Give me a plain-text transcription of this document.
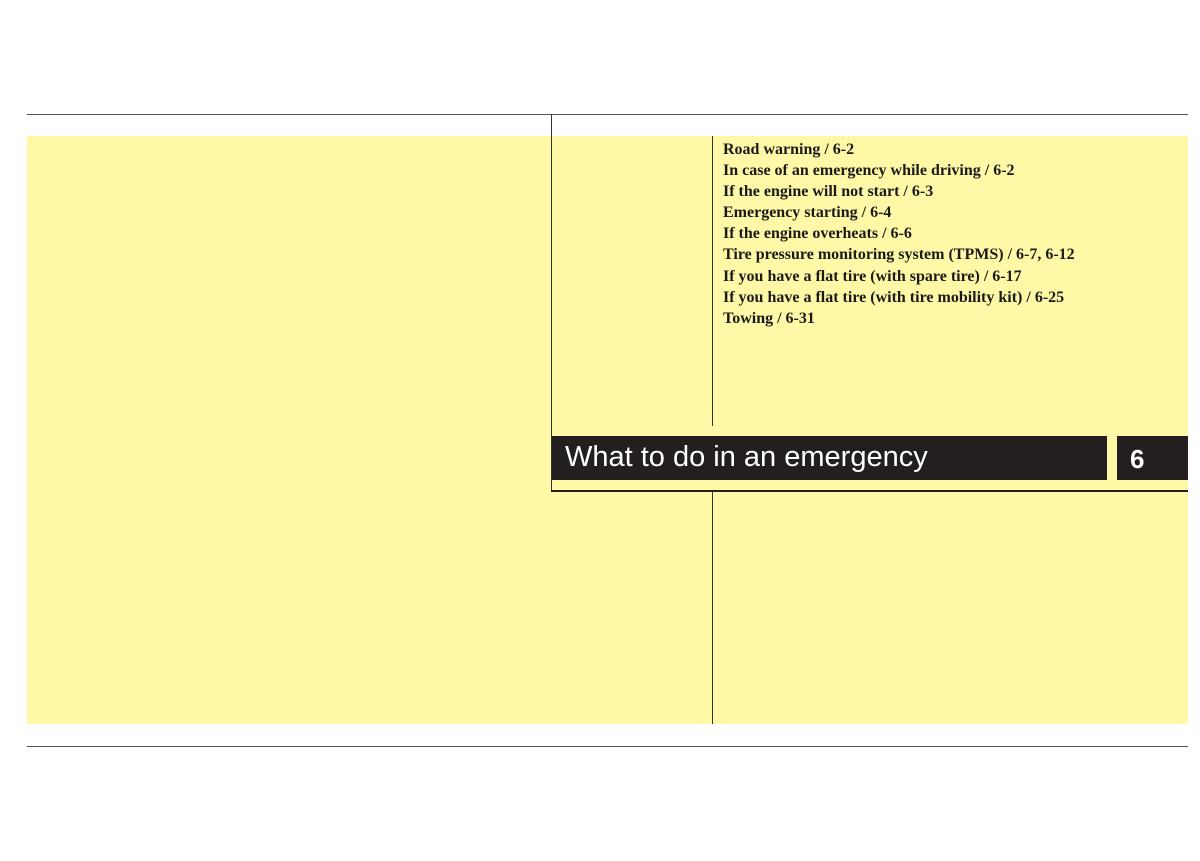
Road warning / 6-2
In case of an emergency while driving / 6-2
If the engine will not start / 6-3
Emergency starting / 6-4
If the engine overheats / 6-6
Tire pressure monitoring system (TPMS) / 6-7, 6-12
If you have a flat tire (with spare tire) / 6-17
If you have a flat tire (with tire mobility kit) / 6-25
Towing / 6-31
What to do in an emergency	6
